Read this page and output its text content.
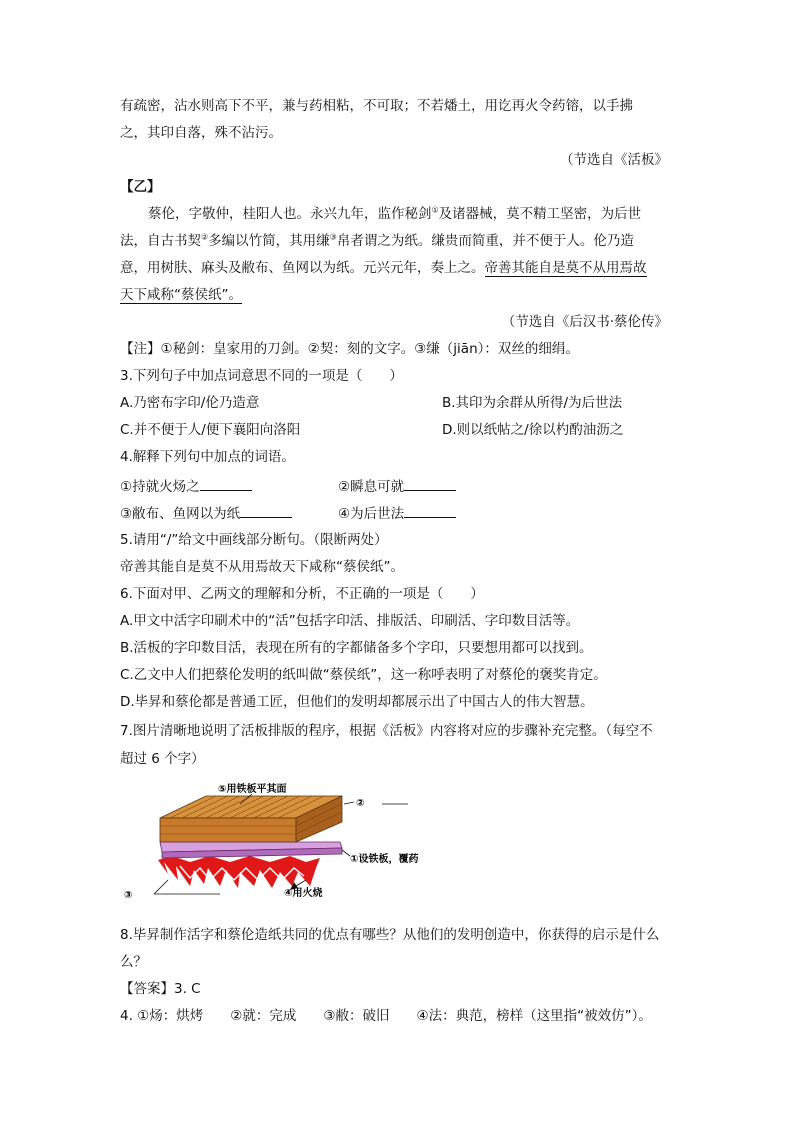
有疏密，沾水则高下不平，兼与药相粘，不可取；不若燔土，用讫再火令药镕，以手拂
之，其印自落，殊不沾污。
（节选自《活板》
【乙】
蔡伦，字敬仲，桂阳人也。永兴九年，监作秘剑①及诸器械，莫不精工坚密，为后世
法，自古书契②多编以竹简，其用缣③帛者谓之为纸。缣贵而简重，并不便于人。伦乃造
意，用树肤、麻头及敝布、鱼网以为纸。元兴元年，奏上之。帝善其能自是莫不从用焉故
天下咸称“蔡侯纸”。
（节选自《后汉书·蔡伦传》
【注】①秘剑：皇家用的刀剑。②契：刻的文字。③缣（jiān）：双丝的细绢。
3.下列句子中加点词意思不同的一项是（　　）
A.乃密布字印/伦乃造意	B.其印为余群从所得/为后世法
C.并不便于人/便下襄阳向洛阳	D.则以纸帖之/徐以杓酌油沥之
4.解释下列句中加点的词语。
①持就火炀之	②瞬息可就
③敝布、鱼网以为纸	④为后世法
5.请用“/”给文中画线部分断句。（限断两处）
帝善其能自是莫不从用焉故天下咸称“蔡侯纸”。
6.下面对甲、乙两文的理解和分析，不正确的一项是（　　）
A.甲文中活字印刷术中的“活”包括字印活、排版活、印刷活、字印数目活等。
B.活板的字印数目活，表现在所有的字都储备多个字印，只要想用都可以找到。
C.乙文中人们把蔡伦发明的纸叫做“蔡侯纸”，这一称呼表明了对蔡伦的褒奖肯定。
D.毕昇和蔡伦都是普通工匠，但他们的发明却都展示出了中国古人的伟大智慧。
7.图片清晰地说明了活板排版的程序，根据《活板》内容将对应的步骤补充完整。（每空不
超过 6 个字）
⑤用铁板平其面
②
①设铁板，覆药
③	④用火烧
8.毕昇制作活字和蔡伦造纸共同的优点有哪些？从他们的发明创造中，你获得的启示是什么
么？
【答案】3. C
4. ①炀：烘烤　　②就：完成　　③敝：破旧　　④法：典范，榜样（这里指“被效仿”）。
